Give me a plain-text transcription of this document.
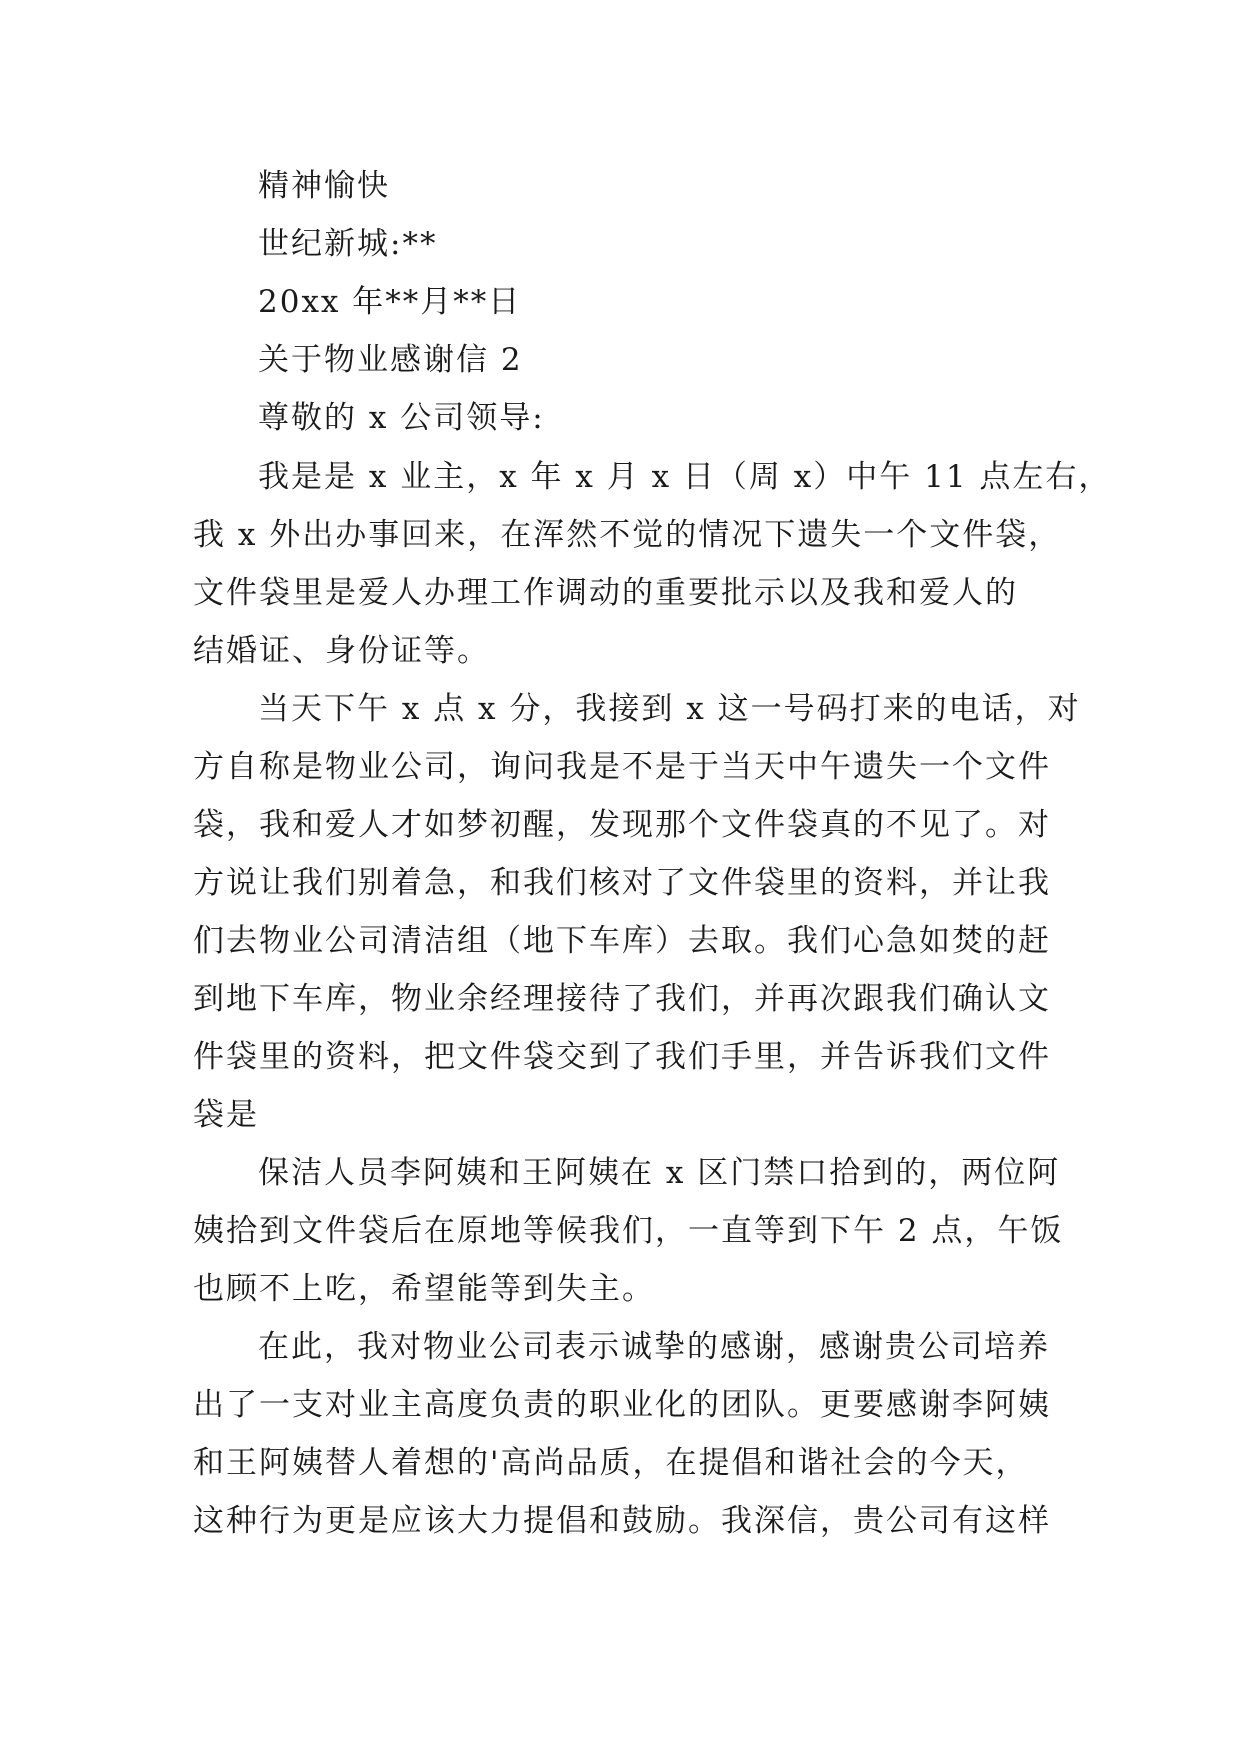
精神愉快
世纪新城:**
20xx 年**月**日
关于物业感谢信 2
尊敬的 x 公司领导:
我是是 x 业主，x 年 x 月 x 日（周 x）中午 11 点左右，
我 x 外出办事回来，在浑然不觉的情况下遗失一个文件袋，
文件袋里是爱人办理工作调动的重要批示以及我和爱人的
结婚证、身份证等。
当天下午 x 点 x 分，我接到 x 这一号码打来的电话，对
方自称是物业公司，询问我是不是于当天中午遗失一个文件
袋，我和爱人才如梦初醒，发现那个文件袋真的不见了。对
方说让我们别着急，和我们核对了文件袋里的资料，并让我
们去物业公司清洁组（地下车库）去取。我们心急如焚的赶
到地下车库，物业余经理接待了我们，并再次跟我们确认文
件袋里的资料，把文件袋交到了我们手里，并告诉我们文件
袋是
保洁人员李阿姨和王阿姨在 x 区门禁口拾到的，两位阿
姨拾到文件袋后在原地等候我们，一直等到下午 2 点，午饭
也顾不上吃，希望能等到失主。
在此，我对物业公司表示诚挚的感谢，感谢贵公司培养
出了一支对业主高度负责的职业化的团队。更要感谢李阿姨
和王阿姨替人着想的'高尚品质，在提倡和谐社会的今天，
这种行为更是应该大力提倡和鼓励。我深信，贵公司有这样
